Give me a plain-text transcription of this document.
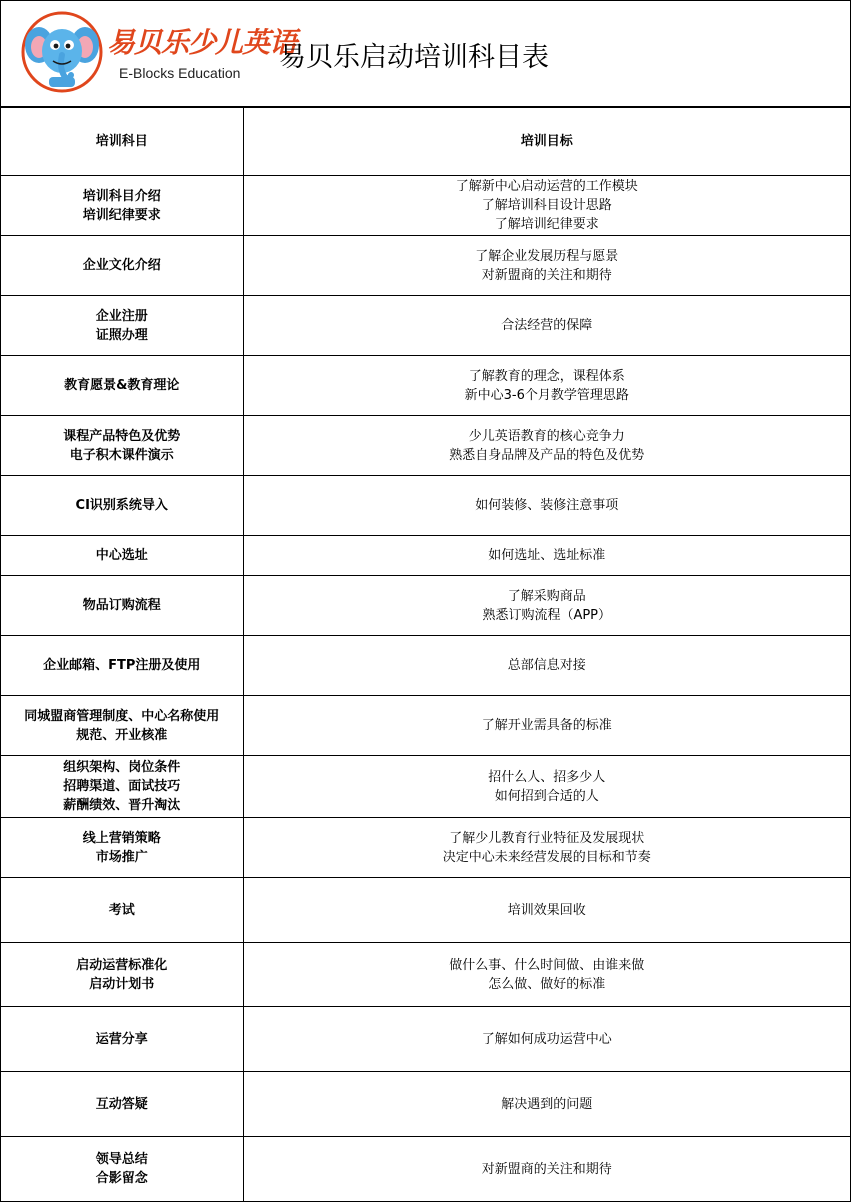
易贝乐少儿英语
E-Blocks Education 易贝乐启动培训科目表
培训科目	培训目标

培训科目介绍
培训纪律要求	了解新中心启动运营的工作模块
了解培训科目设计思路
了解培训纪律要求

企业文化介绍	了解企业发展历程与愿景
对新盟商的关注和期待

企业注册
证照办理	合法经营的保障

教育愿景&教育理论	了解教育的理念，课程体系
新中心3-6个月教学管理思路

课程产品特色及优势
电子积木课件演示	少儿英语教育的核心竞争力
熟悉自身品牌及产品的特色及优势

CI识别系统导入	如何装修、装修注意事项

中心选址	如何选址、选址标准

物品订购流程	了解采购商品
熟悉订购流程（APP）

企业邮箱、FTP注册及使用	总部信息对接

同城盟商管理制度、中心名称使用
规范、开业核准	了解开业需具备的标准

组织架构、岗位条件
招聘渠道、面试技巧
薪酬绩效、晋升淘汰	招什么人、招多少人
如何招到合适的人

线上营销策略
市场推广	了解少儿教育行业特征及发展现状
决定中心未来经营发展的目标和节奏

考试	培训效果回收

启动运营标准化
启动计划书	做什么事、什么时间做、由谁来做
怎么做、做好的标准

运营分享	了解如何成功运营中心

互动答疑	解决遇到的问题

领导总结
合影留念	对新盟商的关注和期待
